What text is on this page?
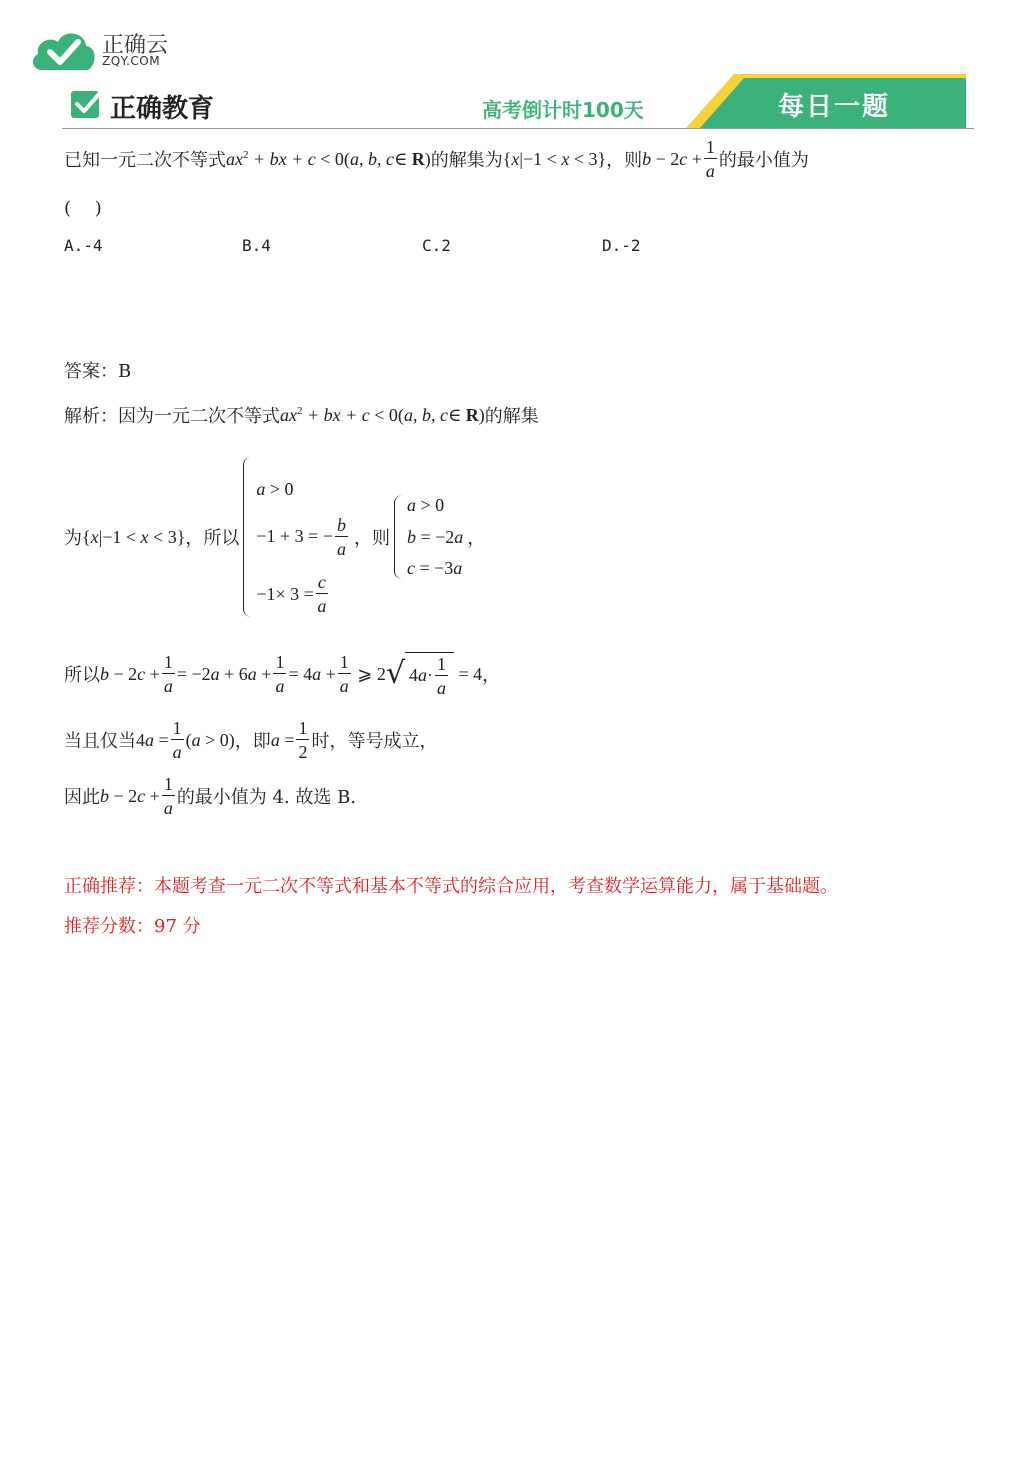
正确云
ZQY.COM
正确教育	高考倒计时100天	每日一题
已知一元二次不等式 $ax^2$ + bx + c < 0(a, b, c∈ R) 的解集为 {x|−1 < x < 3} ，则 $b - 2c + \frac{1}{a}$ 的最小值为
(　 )
A.-4	B.4	C.2	D.-2
答案：B
解析：因为一元二次不等式 $ax^2$ + bx + c < 0(a, b, c∈ R) 的解集
为 {x|−1 < x < 3} ，所以
a > 0
−1 + 3 = − $\frac{b}{a}$
$-1\times 3 = \frac{c}{a}$
，则
a > 0
b = −2a
c = −3a
，
所以 $b - 2c + \frac{1}{a} = -2a + 6a + \frac{1}{a} = 4a + \frac{1}{a}$ ⩾ 2 √ 4 $a \cdot \frac{1}{a} = 4$ ，
当且仅当 $4a = \frac{1}{a} (a > 0)$ ，即 $a = \frac{1}{2}$ 时，等号成立，
因此 $b - 2c + \frac{1}{a}$ 的最小值为 4. 故选 B.
正确推荐：本题考查一元二次不等式和基本不等式的综合应用，考查数学运算能力，属于基础题。
推荐分数：97 分
